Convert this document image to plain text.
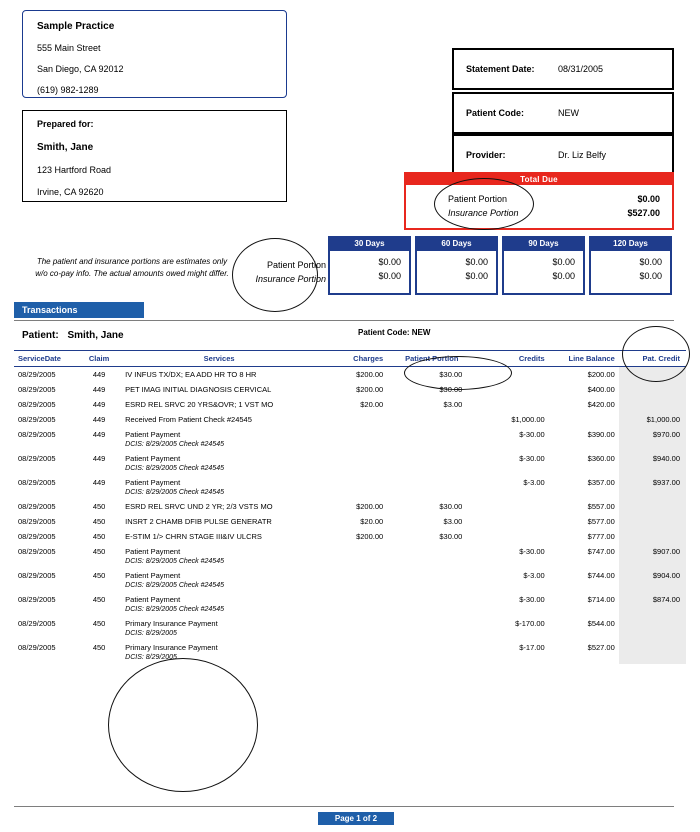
Sample Practice
555 Main Street
San Diego, CA 92012
(619) 982-1289
Prepared for:
Smith, Jane
123 Hartford Road
Irvine, CA 92620
Statement Date:	08/31/2005
Patient Code:	NEW
Provider:	Dr. Liz Belfy
Total Due
Patient Portion	$0.00
Insurance Portion	$527.00
The patient and insurance portions are estimates only w/o co-pay info. The actual amounts owed might differ.
Patient Portion
Insurance Portion
30 Days
$0.00
$0.00
60 Days
$0.00
$0.00
90 Days
$0.00
$0.00
120 Days
$0.00
$0.00
Transactions
Patient: Smith, Jane	Patient Code: NEW
ServiceDate	Claim	Services	Charges	Patient Portion	Credits	Line Balance	Pat. Credit
08/29/2005	449	IV INFUS TX/DX; EA ADD HR TO 8 HR	$200.00	$30.00		$200.00	
08/29/2005	449	PET IMAG INITIAL DIAGNOSIS CERVICAL	$200.00	$30.00		$400.00	
08/29/2005	449	ESRD REL SRVC 20 YRS&OVR; 1 VST MO	$20.00	$3.00		$420.00	
08/29/2005	449	Received From Patient Check #24545			$1,000.00		$1,000.00
08/29/2005	449	Patient Payment
DCIS: 8/29/2005 Check #24545			$-30.00	$390.00	$970.00
08/29/2005	449	Patient Payment
DCIS: 8/29/2005 Check #24545			$-30.00	$360.00	$940.00
08/29/2005	449	Patient Payment
DCIS: 8/29/2005 Check #24545			$-3.00	$357.00	$937.00
08/29/2005	450	ESRD REL SRVC UND 2 YR; 2/3 VSTS MO	$200.00	$30.00		$557.00	
08/29/2005	450	INSRT 2 CHAMB DFIB PULSE GENERATR	$20.00	$3.00		$577.00	
08/29/2005	450	E-STIM 1/> CHRN STAGE III&IV ULCRS	$200.00	$30.00		$777.00	
08/29/2005	450	Patient Payment
DCIS: 8/29/2005 Check #24545			$-30.00	$747.00	$907.00
08/29/2005	450	Patient Payment
DCIS: 8/29/2005 Check #24545			$-3.00	$744.00	$904.00
08/29/2005	450	Patient Payment
DCIS: 8/29/2005 Check #24545			$-30.00	$714.00	$874.00
08/29/2005	450	Primary Insurance Payment
DCIS: 8/29/2005			$-170.00	$544.00	
08/29/2005	450	Primary Insurance Payment
DCIS: 8/29/2005			$-17.00	$527.00	
Page 1 of 2
